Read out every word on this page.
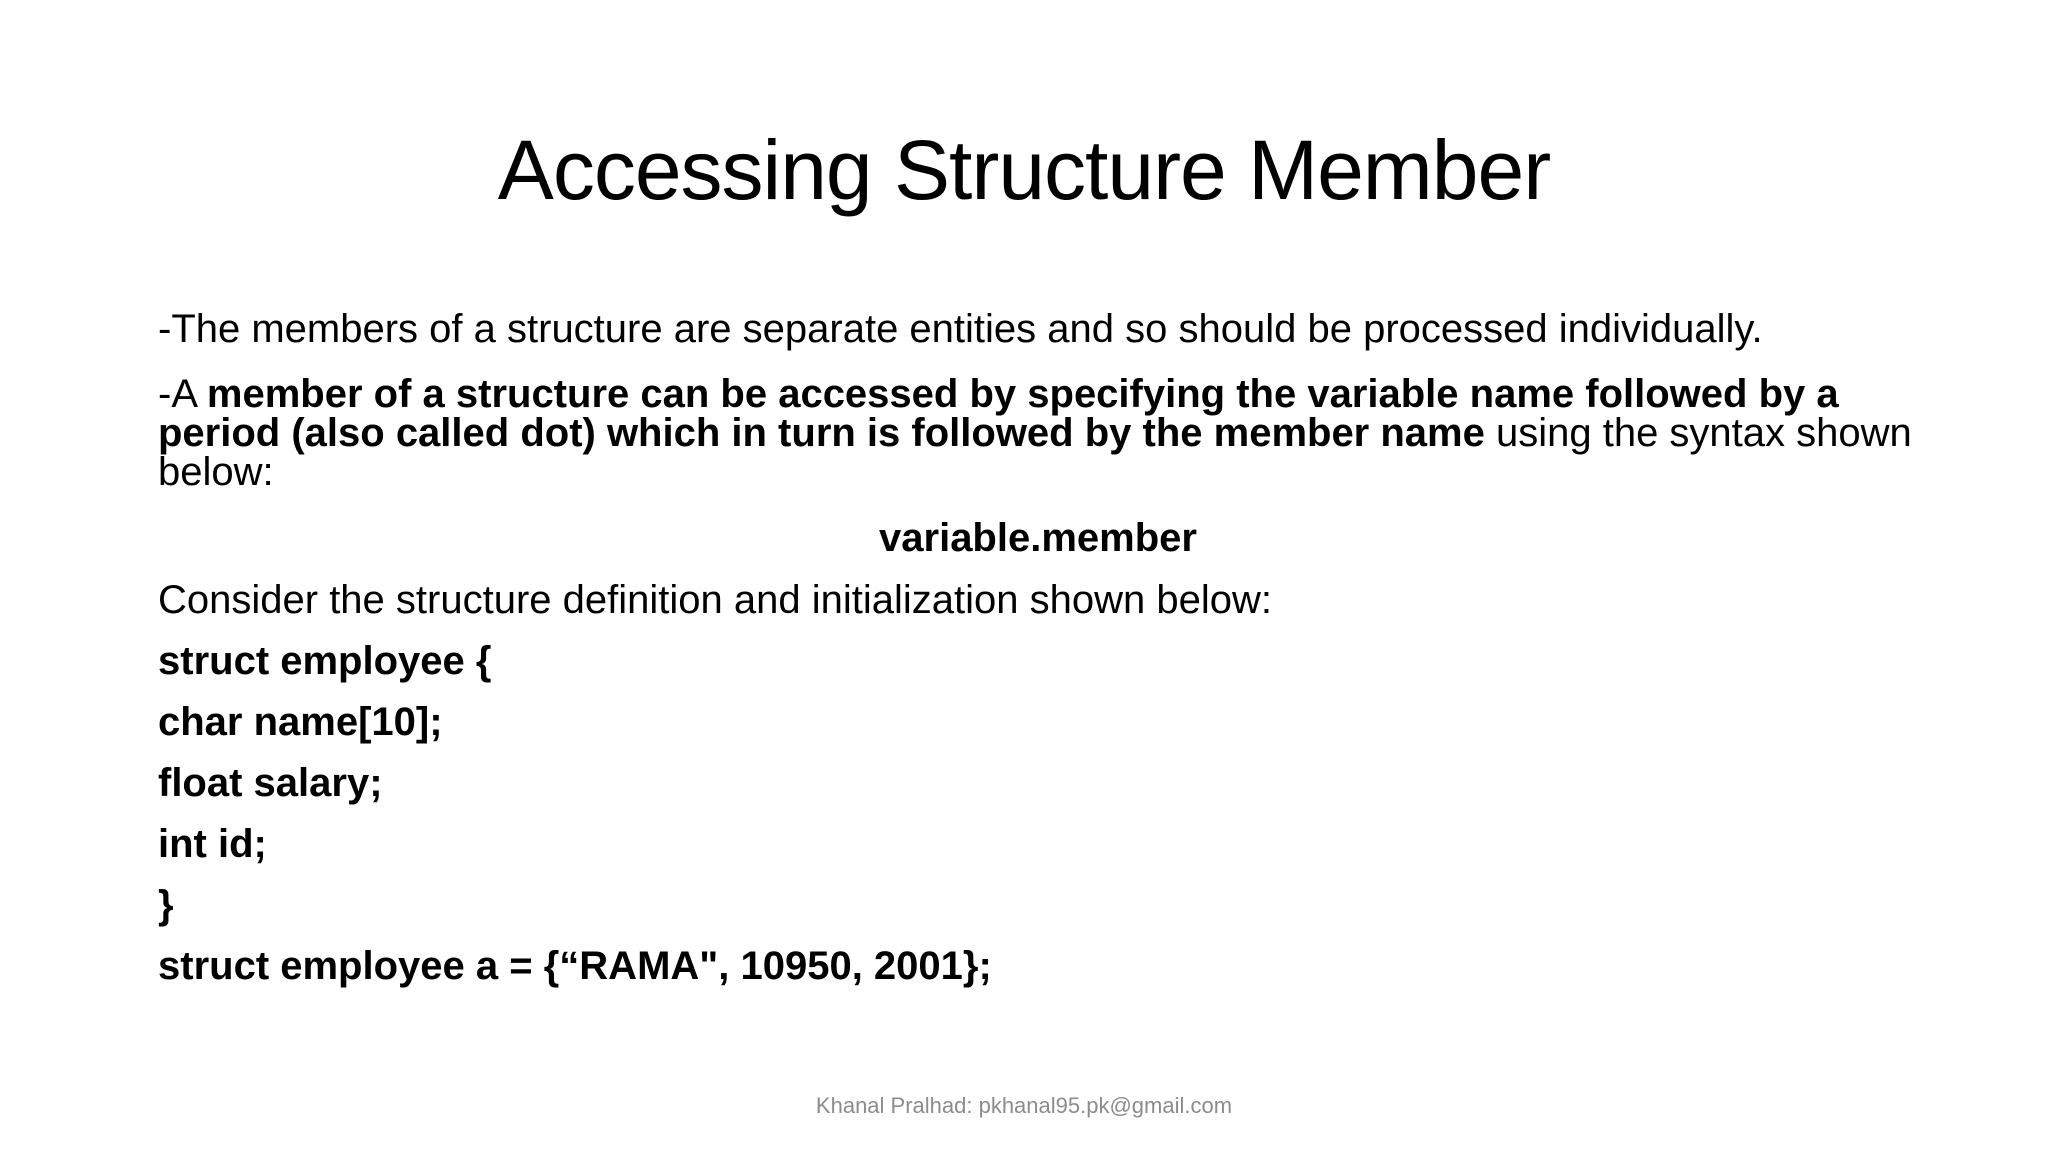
Accessing Structure Member

-The members of a structure are separate entities and so should be processed individually.

-A member of a structure can be accessed by specifying the variable name followed by a period (also called dot) which in turn is followed by the member name using the syntax shown below:

variable.member

Consider the structure definition and initialization shown below:

struct employee {

char name[10];

float salary;

int id;

}

struct employee a = {“RAMA", 10950, 2001};

Khanal Pralhad: pkhanal95.pk@gmail.com
